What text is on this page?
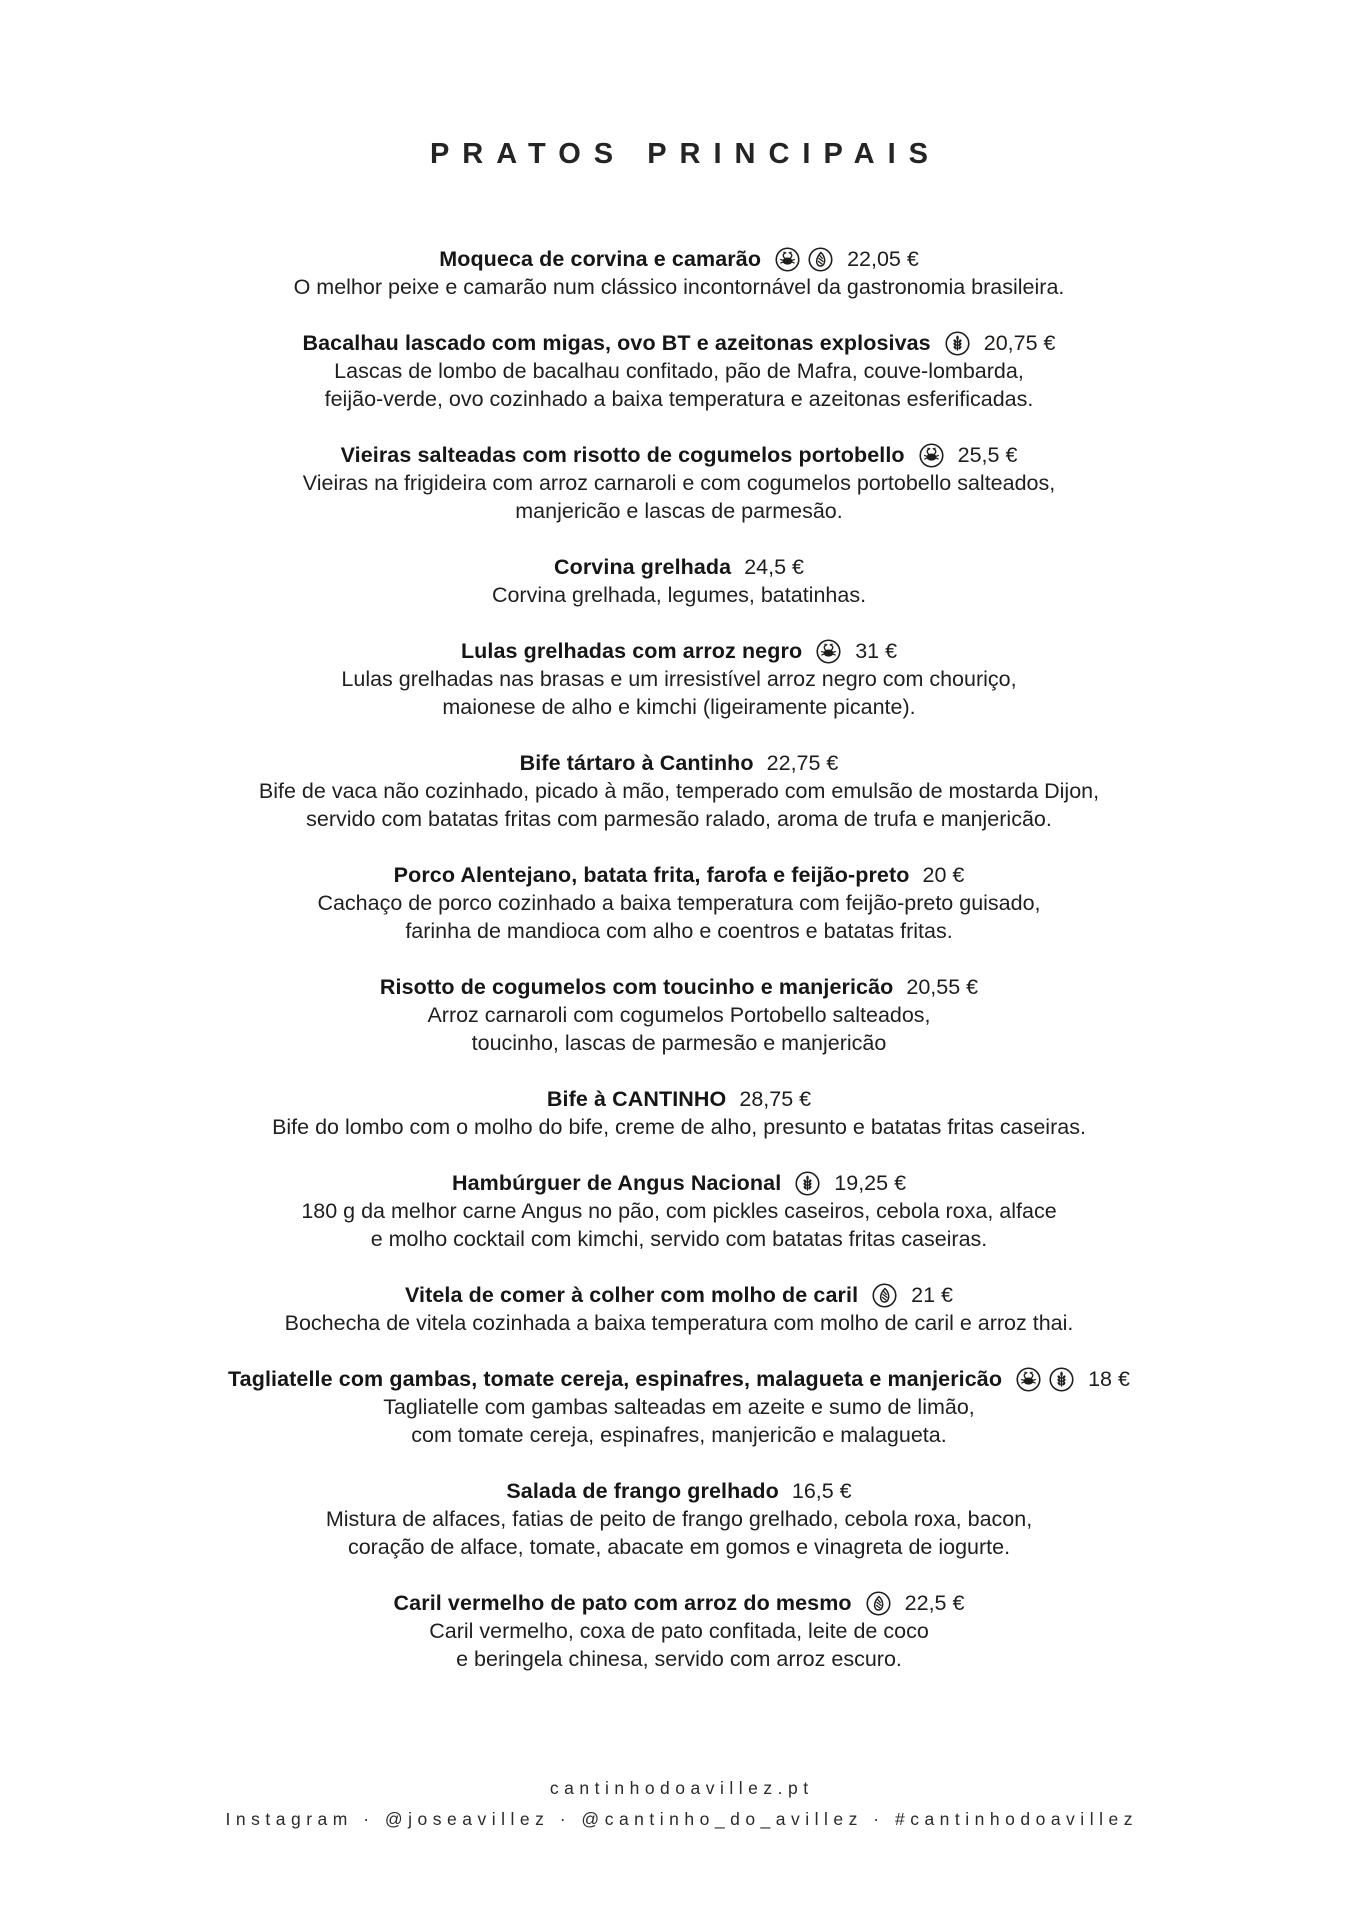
PRATOS PRINCIPAIS
Moqueca de corvina e camarão	22,05 €
O melhor peixe e camarão num clássico incontornável da gastronomia brasileira.
Bacalhau lascado com migas, ovo BT e azeitonas explosivas 20,75 €
Lascas de lombo de bacalhau confitado, pão de Mafra, couve-lombarda,
feijão-verde, ovo cozinhado a baixa temperatura e azeitonas esferificadas.
Vieiras salteadas com risotto de cogumelos portobello 25,5 €
Vieiras na frigideira com arroz carnaroli e com cogumelos portobello salteados,
manjericão e lascas de parmesão.
Corvina grelhada 24,5 €
Corvina grelhada, legumes, batatinhas.
Lulas grelhadas com arroz negro 31 €
Lulas grelhadas nas brasas e um irresistível arroz negro com chouriço,
maionese de alho e kimchi (ligeiramente picante).
Bife tártaro à Cantinho 22,75 €
Bife de vaca não cozinhado, picado à mão, temperado com emulsão de mostarda Dijon,
servido com batatas fritas com parmesão ralado, aroma de trufa e manjericão.
Porco Alentejano, batata frita, farofa e feijão-preto 20 €
Cachaço de porco cozinhado a baixa temperatura com feijão-preto guisado,
farinha de mandioca com alho e coentros e batatas fritas.
Risotto de cogumelos com toucinho e manjericão 20,55 €
Arroz carnaroli com cogumelos Portobello salteados,
toucinho, lascas de parmesão e manjericão
Bife à CANTINHO 28,75 €
Bife do lombo com o molho do bife, creme de alho, presunto e batatas fritas caseiras.
Hambúrguer de Angus Nacional 19,25 €
180 g da melhor carne Angus no pão, com pickles caseiros, cebola roxa, alface
e molho cocktail com kimchi, servido com batatas fritas caseiras.
Vitela de comer à colher com molho de caril 21 €
Bochecha de vitela cozinhada a baixa temperatura com molho de caril e arroz thai.
Tagliatelle com gambas, tomate cereja, espinafres, malagueta e manjericão	18 €
Tagliatelle com gambas salteadas em azeite e sumo de limão,
com tomate cereja, espinafres, manjericão e malagueta.
Salada de frango grelhado 16,5 €
Mistura de alfaces, fatias de peito de frango grelhado, cebola roxa, bacon,
coração de alface, tomate, abacate em gomos e vinagreta de iogurte.
Caril vermelho de pato com arroz do mesmo 22,5 €
Caril vermelho, coxa de pato confitada, leite de coco
e beringela chinesa, servido com arroz escuro.
cantinhodoavillez.pt
Instagram · @joseavillez · @cantinho_do_avillez · #cantinhodoavillez
